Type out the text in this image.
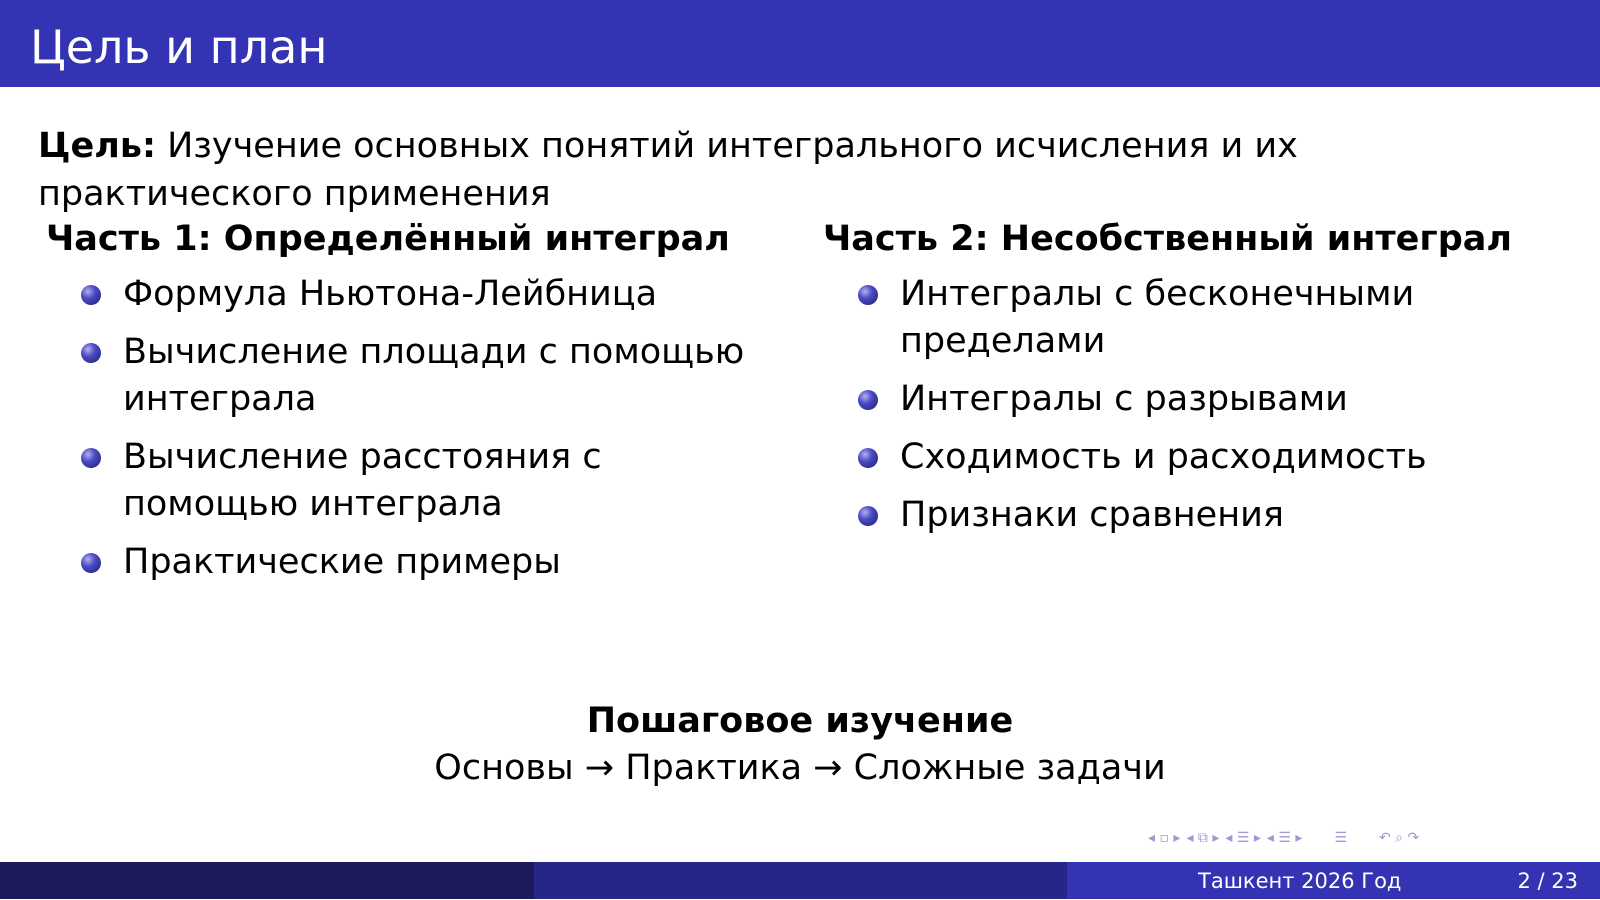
Цель и план
Цель: Изучение основных понятий интегрального исчисления и их практического применения
Часть 1: Определённый интеграл
Формула Ньютона-Лейбница
Вычисление площади с помощью интеграла
Вычисление расстояния с помощью интеграла
Практические примеры
Часть 2: Несобственный интеграл
Интегралы с бесконечными пределами
Интегралы с разрывами
Сходимость и расходимость
Признаки сравнения
Пошаговое изучение
Основы → Практика → Сложные задачи
◂ ▫ ▸ ◂ ⧉ ▸ ◂ ☰ ▸ ◂ ☰ ▸ ☰ ↶ ⌕ ↷
Ташкент 2026 Год	2 / 23
